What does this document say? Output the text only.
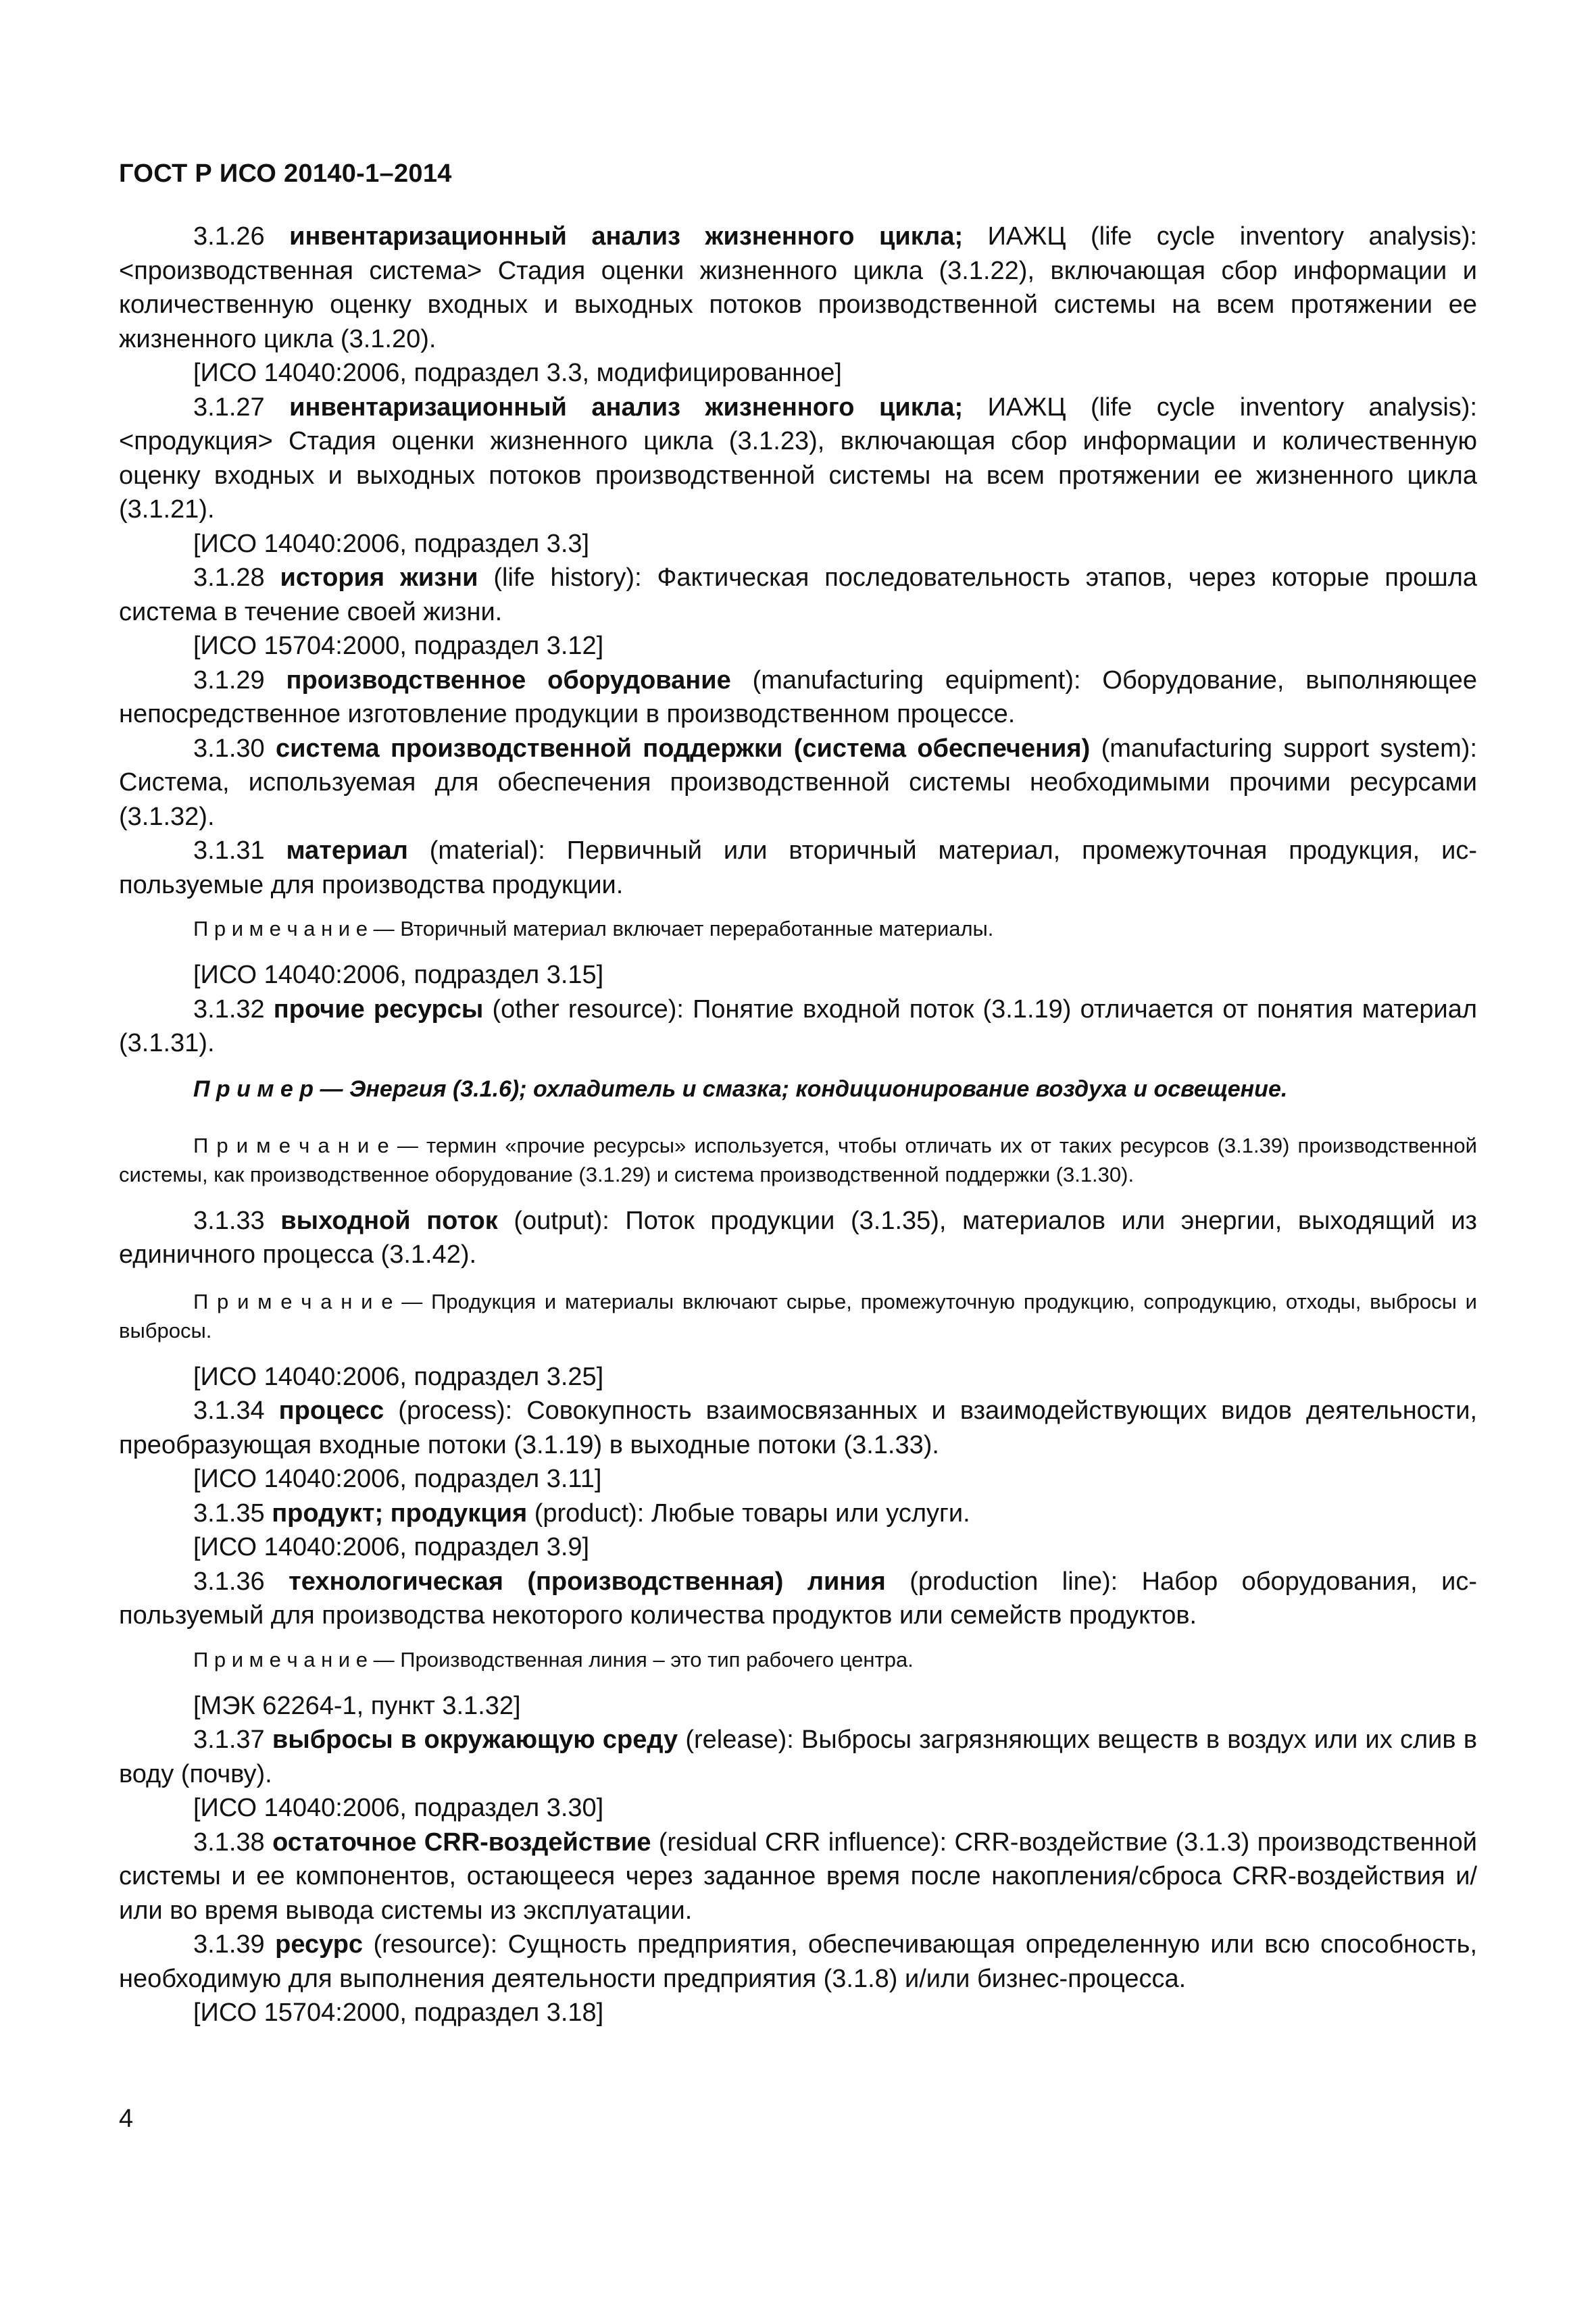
ГОСТ Р ИСО 20140-1–2014

3.1.26 инвентаризационный анализ жизненного цикла; ИАЖЦ (life cycle inventory analysis): <производственная система> Стадия оценки жизненного цикла (3.1.22), включающая сбор информации и количественную оценку входных и выходных потоков производственной системы на всем протяжении ее жизненного цикла (3.1.20).

[ИСО 14040:2006, подраздел 3.3, модифицированное]

3.1.27 инвентаризационный анализ жизненного цикла; ИАЖЦ (life cycle inventory analysis): <продукция> Стадия оценки жизненного цикла (3.1.23), включающая сбор информации и количественную оценку входных и выходных потоков производственной системы на всем протяжении ее жизненного цикла (3.1.21).

[ИСО 14040:2006, подраздел 3.3]

3.1.28 история жизни (life history): Фактическая последовательность этапов, через которые прошла система в течение своей жизни.

[ИСО 15704:2000, подраздел 3.12]

3.1.29 производственное оборудование (manufacturing equipment): Оборудование, выполняющее непосредственное изготовление продукции в производственном процессе.

3.1.30 система производственной поддержки (система обеспечения) (manufacturing support system): Система, используемая для обеспечения производственной системы необходимыми прочими ресурсами (3.1.32).

3.1.31 материал (material): Первичный или вторичный материал, промежуточная продукция, используемые для производства продукции.

П р и м е ч а н и е — Вторичный материал включает переработанные материалы.

[ИСО 14040:2006, подраздел 3.15]

3.1.32 прочие ресурсы (other resource): Понятие входной поток (3.1.19) отличается от понятия материал (3.1.31).

П р и м е р — Энергия (3.1.6); охладитель и смазка; кондиционирование воздуха и освещение.

П р и м е ч а н и е — термин «прочие ресурсы» используется, чтобы отличать их от таких ресурсов (3.1.39) производственной системы, как производственное оборудование (3.1.29) и система производственной поддержки (3.1.30).

3.1.33 выходной поток (output): Поток продукции (3.1.35), материалов или энергии, выходящий из единичного процесса (3.1.42).

П р и м е ч а н и е — Продукция и материалы включают сырье, промежуточную продукцию, сопродукцию, отходы, выбросы и выбросы.

[ИСО 14040:2006, подраздел 3.25]

3.1.34 процесс (process): Совокупность взаимосвязанных и взаимодействующих видов деятельности, преобразующая входные потоки (3.1.19) в выходные потоки (3.1.33).

[ИСО 14040:2006, подраздел 3.11]

3.1.35 продукт; продукция (product): Любые товары или услуги.

[ИСО 14040:2006, подраздел 3.9]

3.1.36 технологическая (производственная) линия (production line): Набор оборудования, используемый для производства некоторого количества продуктов или семейств продуктов.

П р и м е ч а н и е — Производственная линия – это тип рабочего центра.

[МЭК 62264-1, пункт 3.1.32]

3.1.37 выбросы в окружающую среду (release): Выбросы загрязняющих веществ в воздух или их слив в воду (почву).

[ИСО 14040:2006, подраздел 3.30]

3.1.38 остаточное CRR-воздействие (residual CRR influence): CRR-воздействие (3.1.3) производственной системы и ее компонентов, остающееся через заданное время после накопления/сброса CRR-воздействия и/или во время вывода системы из эксплуатации.

3.1.39 ресурс (resource): Сущность предприятия, обеспечивающая определенную или всю способность, необходимую для выполнения деятельности предприятия (3.1.8) и/или бизнес-процесса.

[ИСО 15704:2000, подраздел 3.18]

4
